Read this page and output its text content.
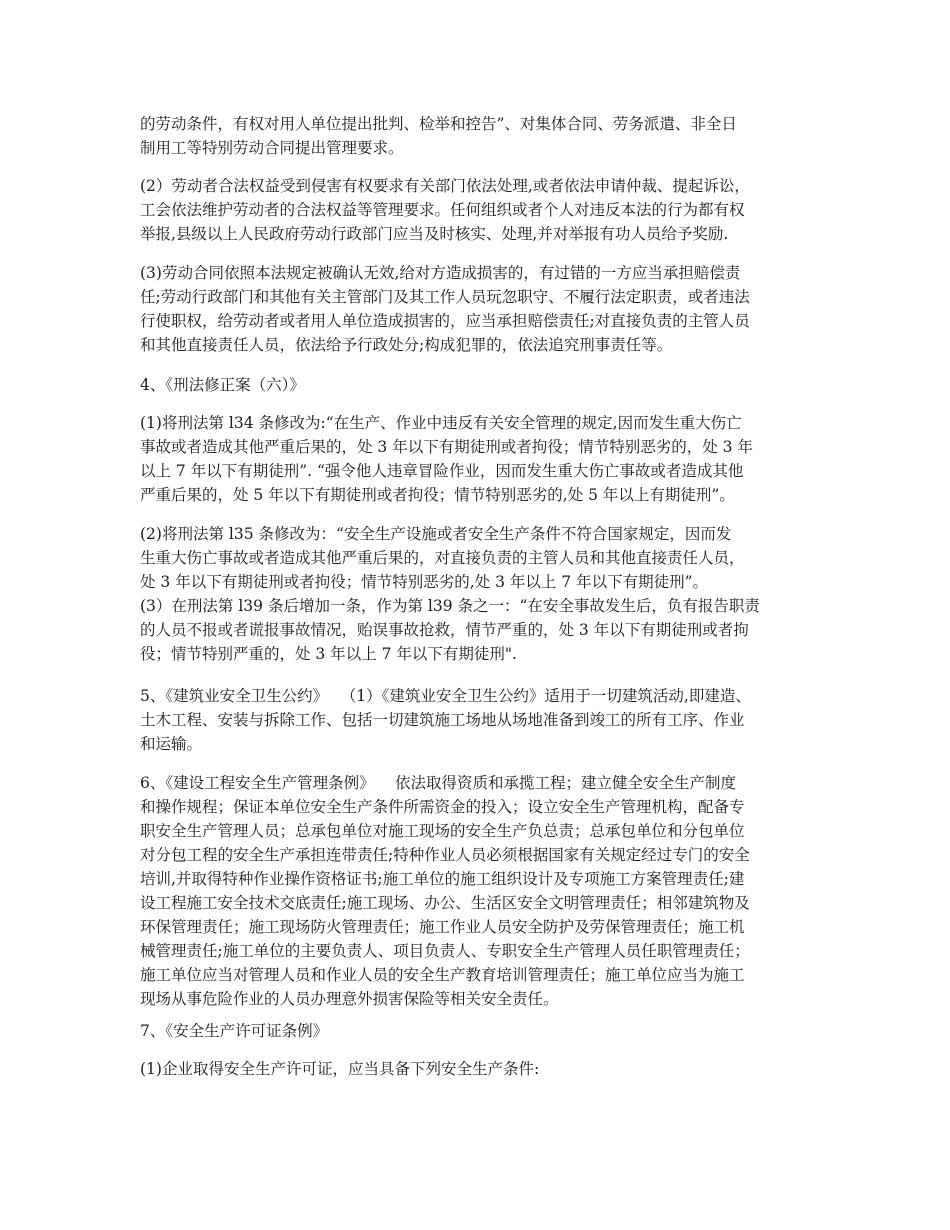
的劳动条件，有权对用人单位提出批判、检举和控告”、对集体合同、劳务派遣、非全日
制用工等特别劳动合同提出管理要求。

(2）劳动者合法权益受到侵害有权要求有关部门依法处理,或者依法申请仲裁、提起诉讼，
工会依法维护劳动者的合法权益等管理要求。任何组织或者个人对违反本法的行为都有权
举报,县级以上人民政府劳动行政部门应当及时核实、处理,并对举报有功人员给予奖励.

(3)劳动合同依照本法规定被确认无效,给对方造成损害的，有过错的一方应当承担赔偿责
任;劳动行政部门和其他有关主管部门及其工作人员玩忽职守、不履行法定职责，或者违法
行使职权，给劳动者或者用人单位造成损害的，应当承担赔偿责任;对直接负责的主管人员
和其他直接责任人员，依法给予行政处分;构成犯罪的，依法追究刑事责任等。

4、《刑法修正案（六）》

(1)将刑法第 l34 条修改为:“在生产、作业中违反有关安全管理的规定,因而发生重大伤亡
事故或者造成其他严重后果的，处 3 年以下有期徒刑或者拘役；情节特别恶劣的，处 3 年
以上 7 年以下有期徒刑”. “强令他人违章冒险作业，因而发生重大伤亡事故或者造成其他
严重后果的，处 5 年以下有期徒刑或者拘役；情节特别恶劣的,处 5 年以上有期徒刑”。

(2)将刑法第 l35 条修改为：“安全生产设施或者安全生产条件不符合国家规定，因而发
生重大伤亡事故或者造成其他严重后果的，对直接负责的主管人员和其他直接责任人员，
处 3 年以下有期徒刑或者拘役；情节特别恶劣的,处 3 年以上 7 年以下有期徒刑”。
(3）在刑法第 l39 条后增加一条，作为第 l39 条之一：“在安全事故发生后，负有报告职责
的人员不报或者谎报事故情况，贻误事故抢救，情节严重的，处 3 年以下有期徒刑或者拘
役；情节特别严重的，处 3 年以上 7 年以下有期徒刑".

5、《建筑业安全卫生公约》 　（1）《建筑业安全卫生公约》适用于一切建筑活动,即建造、
土木工程、安装与拆除工作、包括一切建筑施工场地从场地准备到竣工的所有工序、作业
和运输。

6、《建设工程安全生产管理条例》 　依法取得资质和承揽工程；建立健全安全生产制度
和操作规程；保证本单位安全生产条件所需资金的投入；设立安全生产管理机构，配备专
职安全生产管理人员；总承包单位对施工现场的安全生产负总责；总承包单位和分包单位
对分包工程的安全生产承担连带责任;特种作业人员必须根据国家有关规定经过专门的安全
培训,并取得特种作业操作资格证书;施工单位的施工组织设计及专项施工方案管理责任;建
设工程施工安全技术交底责任;施工现场、办公、生活区安全文明管理责任；相邻建筑物及
环保管理责任；施工现场防火管理责任；施工作业人员安全防护及劳保管理责任；施工机
械管理责任;施工单位的主要负责人、项目负责人、专职安全生产管理人员任职管理责任；
施工单位应当对管理人员和作业人员的安全生产教育培训管理责任；施工单位应当为施工
现场从事危险作业的人员办理意外损害保险等相关安全责任。

7、《安全生产许可证条例》

(1)企业取得安全生产许可证，应当具备下列安全生产条件:
